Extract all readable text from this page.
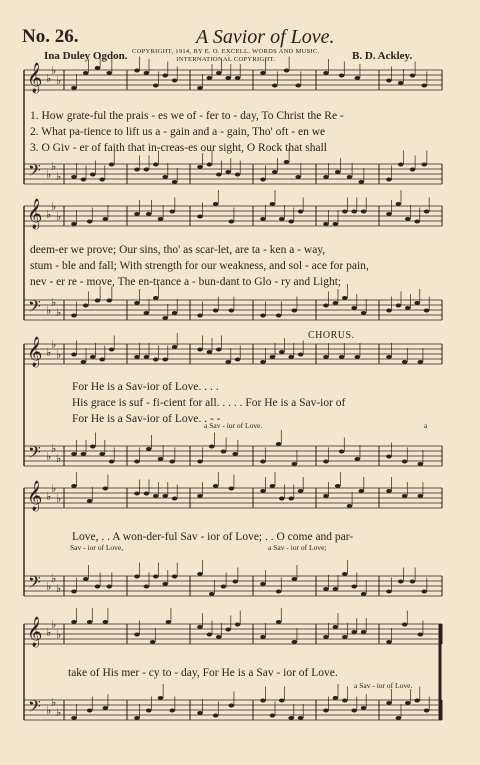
No. 26.	A Savior of Love.
Ina Duley Ogdon. COPYRIGHT, 1914, BY E. O. EXCELL. WORDS AND MUSIC.
INTERNATIONAL COPYRIGHT.	B. D. Ackley.
𝄞
𝄢
♭
♭
♭
♭
♭
♭
𝄞
𝄢
♭
♭
♭
♭
♭
♭
𝄞
𝄢
♭
♭
♭
♭
♭
♭
𝄞
𝄢
♭
♭
♭
♭
♭
♭
𝄞
𝄢
♭
♭
♭
♭
♭
♭
1. How grate-ful the prais - es we of - fer to - day, To Christ the Re -
2. What pa-tience to lift us a - gain and a - gain, Tho' oft - en we
3. O Giv - er of faith that in-creas-es our sight, O Rock that shall
deem-er we prove; Our sins, tho' as scar-let, are ta - ken a - way,
stum - ble and fall; With strength for our weakness, and sol - ace for pain,
nev - er re - move, The en-trance a - bun-dant to Glo - ry and Light;
CHORUS.
For He is a Sav-ior of Love. . . .
His grace is suf - fi-cient for all. . . . . For He is a Sav-ior of
For He is a Sav-ior of Love. . - -
a Sav - ior of Love.	a
Love, . . A won-der-ful Sav - ior of Love; . . O come and par-
Sav - ior of Love,	a Sav - ior of Love;
take of His mer - cy to - day, For He is a Sav - ior of Love.
a Sav - ior of Love.
